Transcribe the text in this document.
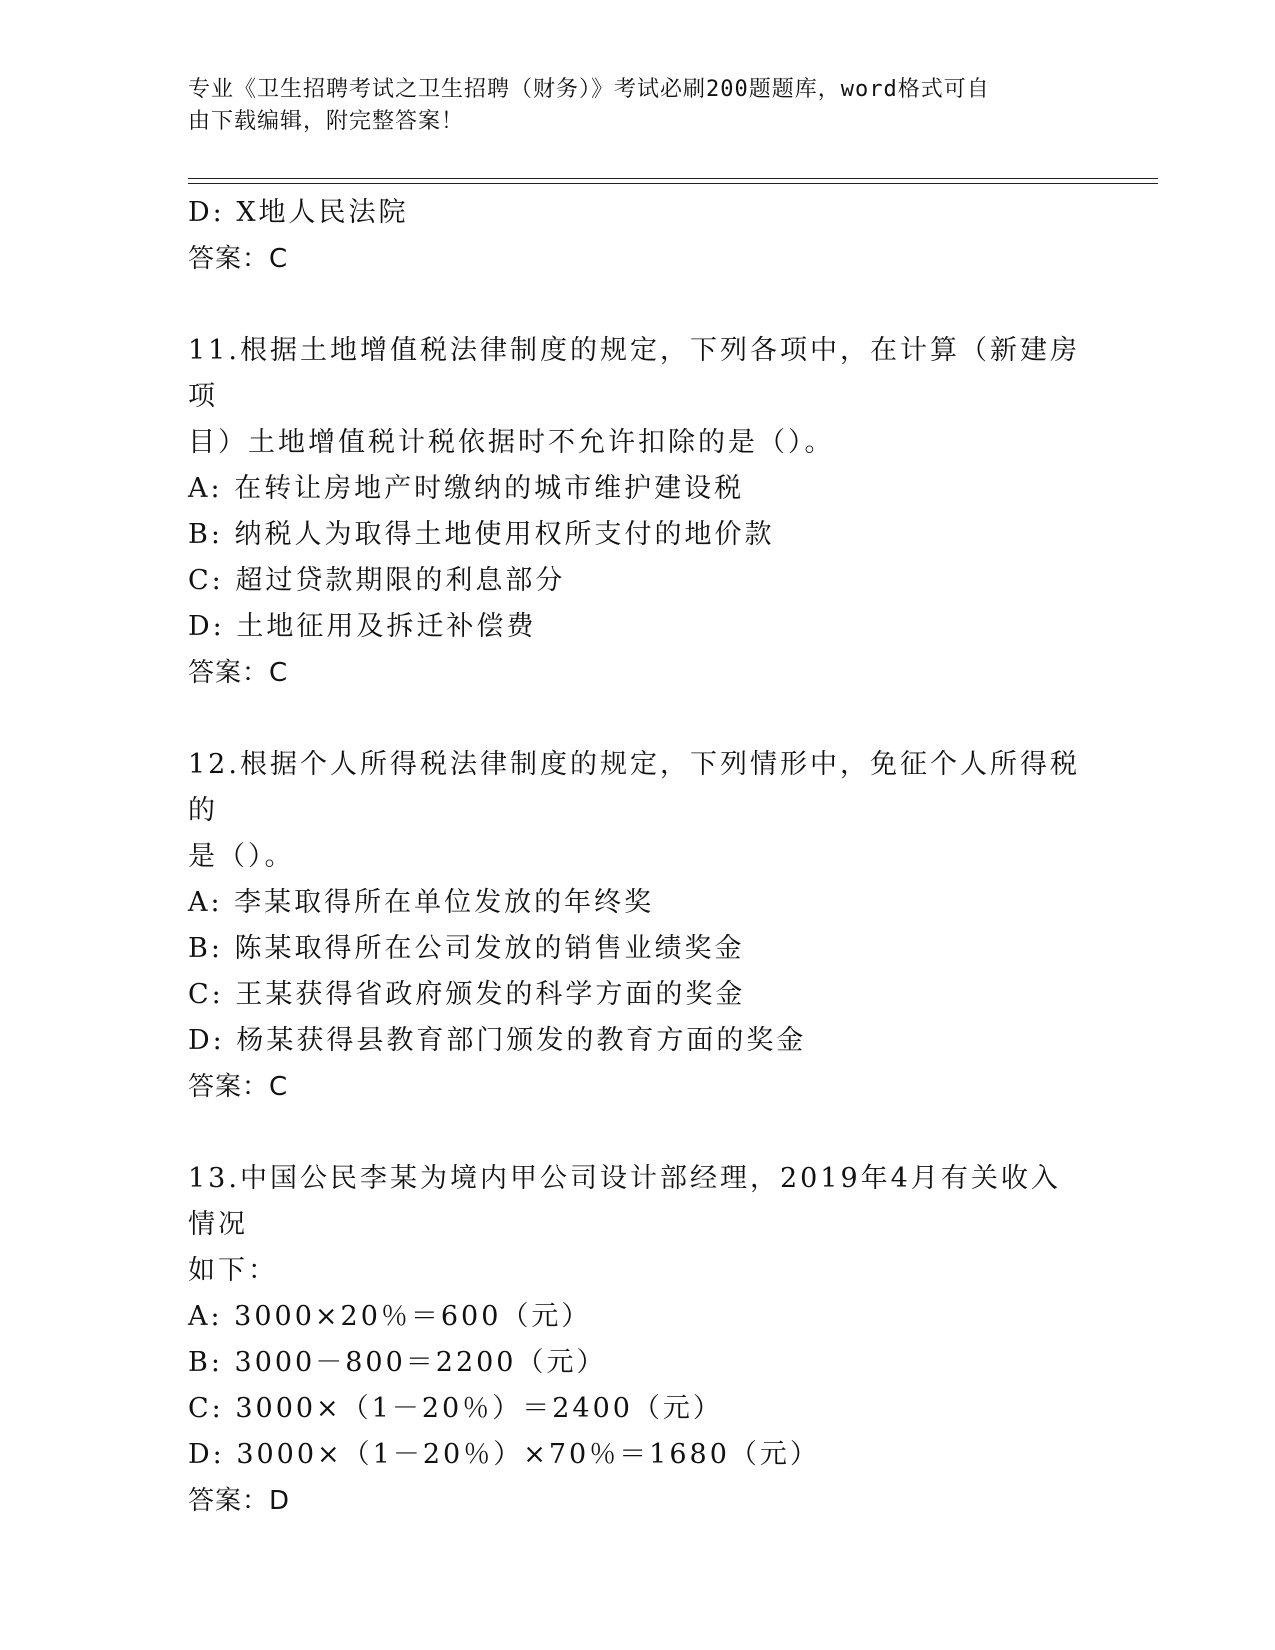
专业《卫生招聘考试之卫生招聘（财务）》考试必刷200题题库，word格式可自
由下载编辑，附完整答案！
D: X地人民法院
答案：C
11.根据土地增值税法律制度的规定，下列各项中，在计算（新建房项
目）土地增值税计税依据时不允许扣除的是（）。
A: 在转让房地产时缴纳的城市维护建设税
B: 纳税人为取得土地使用权所支付的地价款
C: 超过贷款期限的利息部分
D: 土地征用及拆迁补偿费
答案：C
12.根据个人所得税法律制度的规定，下列情形中，免征个人所得税的
是（）。
A: 李某取得所在单位发放的年终奖
B: 陈某取得所在公司发放的销售业绩奖金
C: 王某获得省政府颁发的科学方面的奖金
D: 杨某获得县教育部门颁发的教育方面的奖金
答案：C
13.中国公民李某为境内甲公司设计部经理，2019年4月有关收入情况
如下：
A: 3000×20％＝600（元）
B: 3000－800＝2200（元）
C: 3000×（1－20％）＝2400（元）
D: 3000×（1－20％）×70％＝1680（元）
答案：D
